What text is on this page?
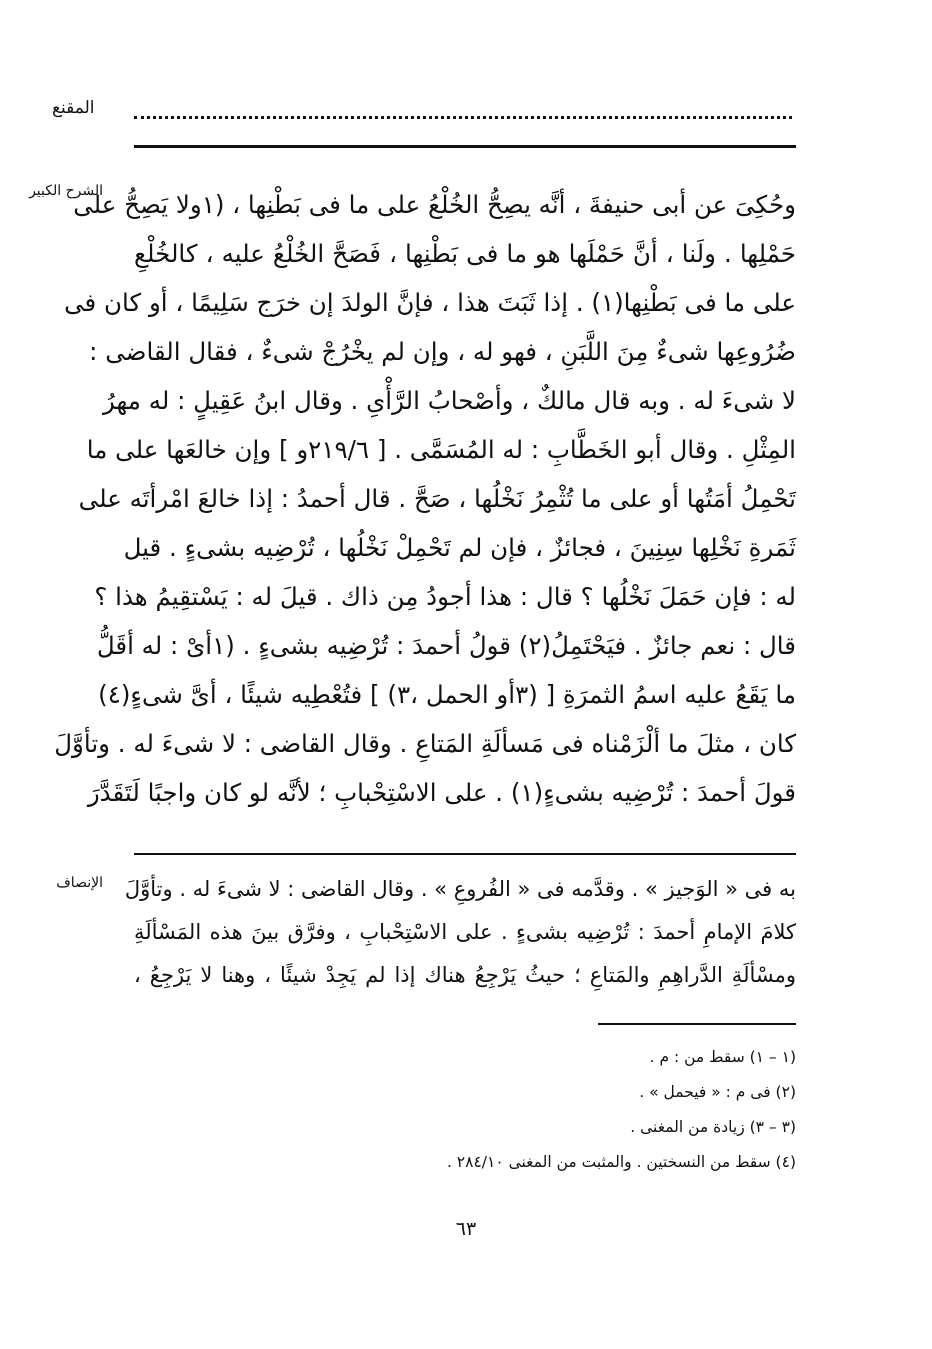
المقنع
الشرح الكبير
وحُكِىَ عن أبى حنيفةَ ، أنَّه يصِحُّ الخُلْعُ على ما فى بَطْنِها ، (١ولا يَصِحُّ على
حَمْلِها . ولَنا ، أنَّ حَمْلَها هو ما فى بَطْنِها ، فَصَحَّ الخُلْعُ عليه ، كالخُلْعِ
على ما فى بَطْنِها(١) . إذا ثَبَتَ هذا ، فإنَّ الولدَ إن خرَج سَلِيمًا ، أو كان فى
ضُرُوعِها شىءٌ مِنَ اللَّبَنِ ، فهو له ، وإن لم يخْرُجْ شىءٌ ، فقال القاضى :
لا شىءَ له . وبه قال مالكٌ ، وأصْحابُ الرَّأْىِ . وقال ابنُ عَقِيلٍ : له مهرُ
المِثْلِ . وقال أبو الخَطَّابِ : له المُسَمَّى . [ ٢١٩/٦و ] وإن خالعَها على ما
تَحْمِلُ أمَتُها أو على ما تُثْمِرُ نَخْلُها ، صَحَّ . قال أحمدُ : إذا خالعَ امْرأتَه على
ثَمَرةِ نَخْلِها سِنِينَ ، فجائزٌ ، فإن لم تَحْمِلْ نَخْلُها ، تُرْضِيه بشىءٍ . قيل
له : فإن حَمَلَ نَخْلُها ؟ قال : هذا أجودُ مِن ذاك . قيلَ له : يَسْتقِيمُ هذا ؟
قال : نعم جائزٌ . فيَحْتَمِلُ(٢) قولُ أحمدَ : تُرْضِيه بشىءٍ . (١أىْ : له أقَلُّ
ما يَقَعُ عليه اسمُ الثمرَةِ [ (٣أو الحمل ،٣) ] فتُعْطِيه شيئًا ، أىَّ شىءٍ(٤)
كان ، مثلَ ما ألْزَمْناه فى مَسألَةِ المَتاعِ . وقال القاضى : لا شىءَ له . وتأوَّلَ
قولَ أحمدَ : تُرْضِيه بشىءٍ(١) . على الاسْتِحْبابِ ؛ لأنَّه لو كان واجبًا لَتَقَدَّرَ
الإنصاف به فى « الوَجيز » . وقدَّمه فى « الفُروعِ » . وقال القاضى : لا شىءَ له . وتأوَّلَ
كلامَ الإمامِ أحمدَ : تُرْضِيه بشىءٍ . على الاسْتِحْبابِ ، وفرَّق بينَ هذه المَسْألَةِ
ومسْألَةِ الدَّراهِمِ والمَتاعِ ؛ حيثُ يَرْجِعُ هناك إذا لم يَجِدْ شيئًا ، وهنا لا يَرْجِعُ ،
(١ – ١) سقط من : م .
(٢) فى م : « فيحمل » .
(٣ – ٣) زيادة من المغنى .
(٤) سقط من النسختين . والمثبت من المغنى ٢٨٤/١٠ .
٦٣
